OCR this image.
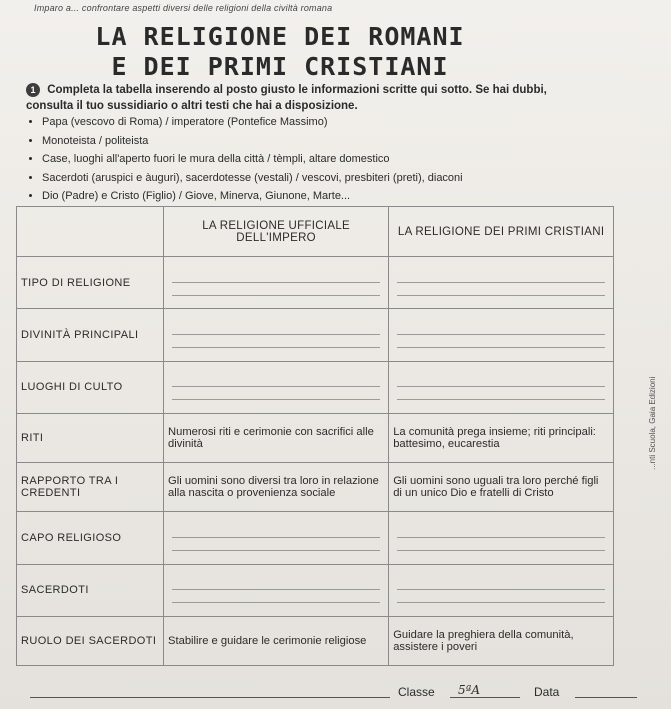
Imparo a... confrontare aspetti diversi delle religioni della civiltà romana
LA RELIGIONE DEI ROMANI
E DEI PRIMI CRISTIANI
1 Completa la tabella inserendo al posto giusto le informazioni scritte qui sotto. Se hai dubbi, consulta il tuo sussidiario o altri testi che hai a disposizione.
• Papa (vescovo di Roma) / imperatore (Pontefice Massimo)
• Monoteista / politeista
• Case, luoghi all'aperto fuori le mura della città / tèmpli, altare domestico
• Sacerdoti (aruspici e àuguri), sacerdotesse (vestali) / vescovi, presbiteri (preti), diaconi
• Dio (Padre) e Cristo (Figlio) / Giove, Minerva, Giunone, Marte...
	LA RELIGIONE UFFICIALE DELL'IMPERO	LA RELIGIONE DEI PRIMI CRISTIANI
TIPO DI RELIGIONE	

DIVINITÀ PRINCIPALI	

LUOGHI DI CULTO	

RITI	Numerosi riti e cerimonie con sacrifici alle divinità	La comunità prega insieme; riti principali: battesimo, eucarestia
RAPPORTO TRA I CREDENTI	Gli uomini sono diversi tra loro in relazione alla nascita o provenienza sociale	Gli uomini sono uguali tra loro perché figli di un unico Dio e fratelli di Cristo
CAPO RELIGIOSO	

SACERDOTI	

RUOLO DEI SACERDOTI	Stabilire e guidare le cerimonie religiose	Guidare la preghiera della comunità, assistere i poveri
Classe 5ªA	Data
...nti Scuola, Gaia Edizioni
